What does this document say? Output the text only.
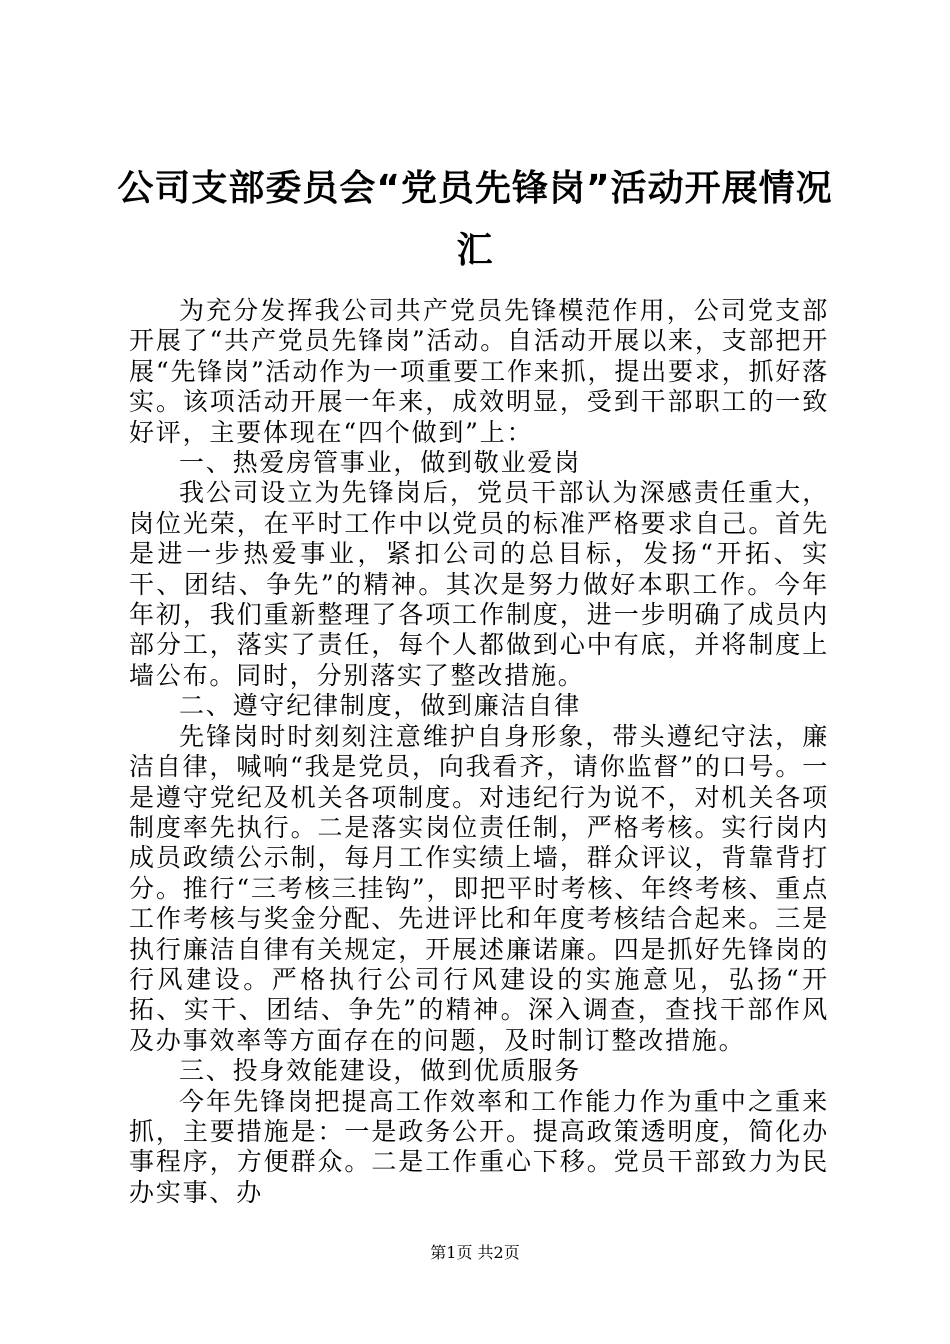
公司支部委员会“党员先锋岗”活动开展情况汇

为充分发挥我公司共产党员先锋模范作用，公司党支部开展了“共产党员先锋岗”活动。自活动开展以来，支部把开展“先锋岗”活动作为一项重要工作来抓，提出要求，抓好落实。该项活动开展一年来，成效明显，受到干部职工的一致好评，主要体现在“四个做到”上：

一、热爱房管事业，做到敬业爱岗

我公司设立为先锋岗后，党员干部认为深感责任重大，岗位光荣，在平时工作中以党员的标准严格要求自己。首先是进一步热爱事业，紧扣公司的总目标，发扬“开拓、实干、团结、争先”的精神。其次是努力做好本职工作。今年年初，我们重新整理了各项工作制度，进一步明确了成员内部分工，落实了责任，每个人都做到心中有底，并将制度上墙公布。同时，分别落实了整改措施。

二、遵守纪律制度，做到廉洁自律

先锋岗时时刻刻注意维护自身形象，带头遵纪守法，廉洁自律，喊响“我是党员，向我看齐，请你监督”的口号。一是遵守党纪及机关各项制度。对违纪行为说不，对机关各项制度率先执行。二是落实岗位责任制，严格考核。实行岗内成员政绩公示制，每月工作实绩上墙，群众评议，背靠背打分。推行“三考核三挂钩”，即把平时考核、年终考核、重点工作考核与奖金分配、先进评比和年度考核结合起来。三是执行廉洁自律有关规定，开展述廉诺廉。四是抓好先锋岗的行风建设。严格执行公司行风建设的实施意见，弘扬“开拓、实干、团结、争先”的精神。深入调查，查找干部作风及办事效率等方面存在的问题，及时制订整改措施。

三、投身效能建设，做到优质服务

今年先锋岗把提高工作效率和工作能力作为重中之重来抓，主要措施是：一是政务公开。提高政策透明度，简化办事程序，方便群众。二是工作重心下移。党员干部致力为民办实事、办

第1页 共2页
